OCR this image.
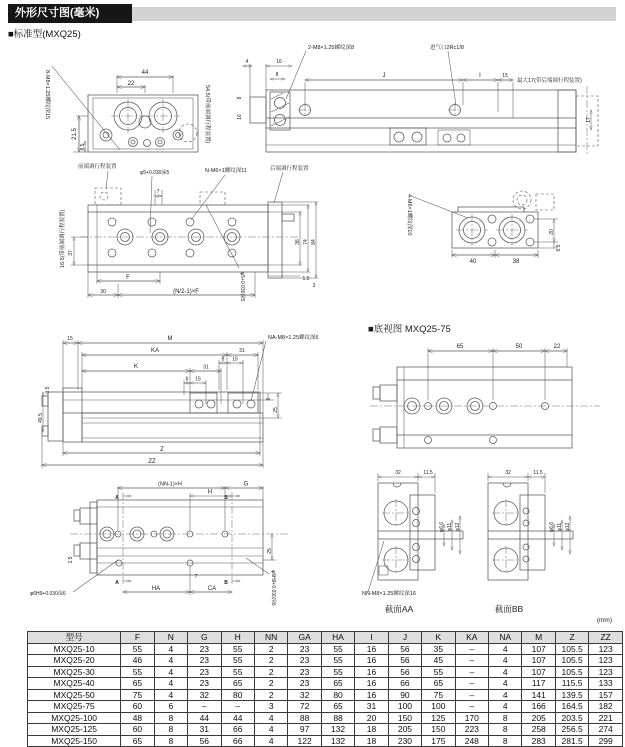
外形尺寸图(毫米)
■标准型(MXQ25)
44
22
21.5
6.5
54.5(带前端调行程装置)
8-M8×1.25螺纹深15
4	16
8	J	I	15
最大17(带后端调行程装置)
8
16
17
2-M8×1.25螺纹深8	进气口2Rc1/8
7
36 74 84
37
16.5(带前端调行程装置)
F
30	(N/2-1)×F
φ5+0.030深5	N-M6×1螺纹深11
前端调行程装置	后端调行程装置
φ5+0.030深5	1.5
3
40	38
20
6.5
4-M6×1螺纹深10
■底视图 MXQ25-75
65	50	22
15	M
KA	31
8 15
K	31
6 15
NA-M8×1.25螺纹深6
6
25
Z
ZZ
0.5
49.5
A
A
B
B
(NN-1)×H	G
H
HA	CA
7
1.5
25
φ6H9+0.030深6	φ6H9+0.030深6
32	11.5
φ6.6 φ11 φ12
NN-M8×1.25螺纹深16
截面AA
32	11.5
φ6.6 φ11 φ12
截面BB
(mm)
型号	F	N	G	H	NN	GA	HA	I	J	K	KA	NA	M	Z	ZZ
MXQ25-10	55	4	23	55	2	23	55	16	56	35	–	4	107	105.5	123
MXQ25-20	46	4	23	55	2	23	55	16	56	45	–	4	107	105.5	123
MXQ25-30	55	4	23	55	2	23	55	16	56	55	–	4	107	105.5	123
MXQ25-40	65	4	23	65	2	23	65	16	66	65	–	4	117	115.5	133
MXQ25-50	75	4	32	80	2	32	80	16	90	75	–	4	141	139.5	157
MXQ25-75	60	6	–	–	3	72	65	31	100	100	–	4	166	164.5	182
MXQ25-100	48	8	44	44	4	88	88	20	150	125	170	8	205	203.5	221
MXQ25-125	60	8	31	66	4	97	132	18	205	150	223	8	258	256.5	274
MXQ25-150	65	8	56	66	4	122	132	18	230	175	248	8	283	281.5	299
